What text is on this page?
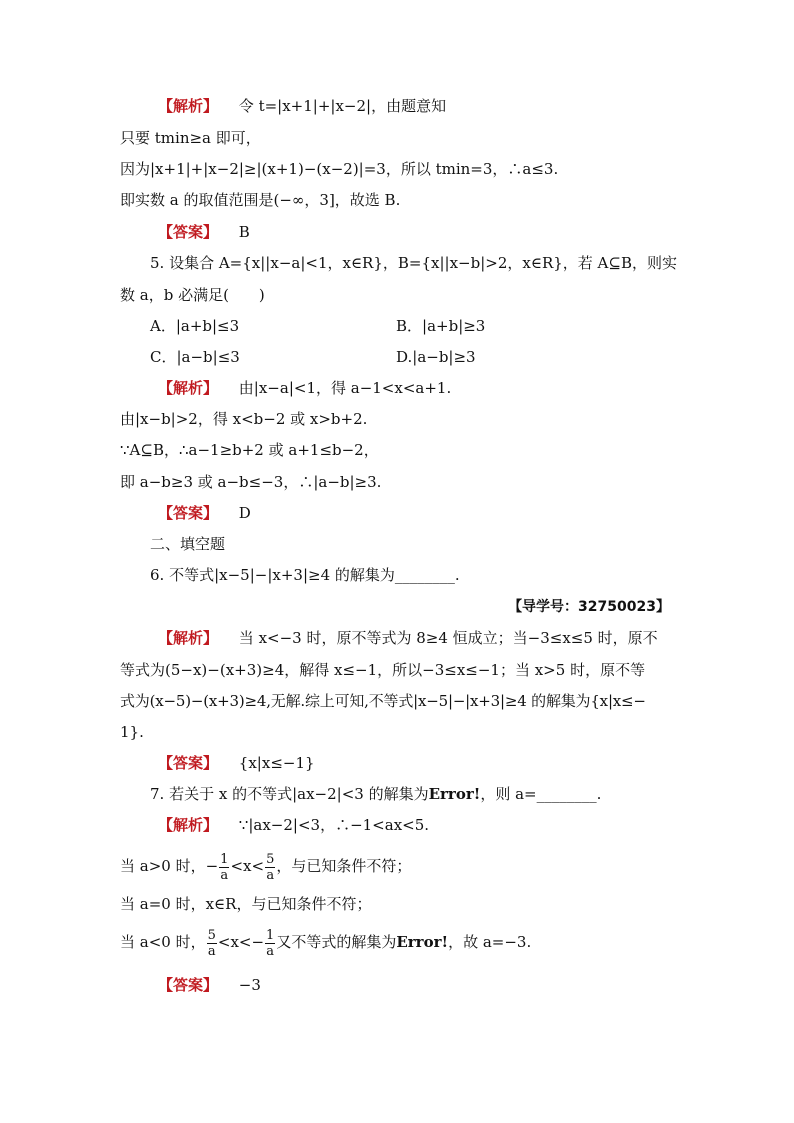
【解析】 令 t=|x+1|+|x−2|，由题意知
只要 tmin≥a 即可，
因为|x+1|+|x−2|≥|(x+1)−(x−2)|=3，所以 tmin=3，∴a≤3.
即实数 a 的取值范围是(−∞，3]，故选 B.
【答案】 B
5. 设集合 A={x||x−a|<1，x∈R}，B={x||x−b|>2，x∈R}，若 A⊆B，则实
数 a，b 必满足(　　)
A．|a+b|≤3	B．|a+b|≥3
C．|a−b|≤3	D.|a−b|≥3
【解析】 由|x−a|<1，得 a−1<x<a+1.
由|x−b|>2，得 x<b−2 或 x>b+2.
∵A⊆B，∴a−1≥b+2 或 a+1≤b−2，
即 a−b≥3 或 a−b≤−3，∴|a−b|≥3.
【答案】 D
二、填空题
6. 不等式|x−5|−|x+3|≥4 的解集为________.
【导学号：32750023】
【解析】 当 x<−3 时，原不等式为 8≥4 恒成立；当−3≤x≤5 时，原不
等式为(5−x)−(x+3)≥4，解得 x≤−1，所以−3≤x≤−1；当 x>5 时，原不等
式为(x−5)−(x+3)≥4,无解.综上可知,不等式|x−5|−|x+3|≥4 的解集为{x|x≤−
1}.
【答案】 {x|x≤−1}
7. 若关于 x 的不等式|ax−2|<3 的解集为Error!，则 a=________.
【解析】 ∵|ax−2|<3，∴−1<ax<5.
当 a>0 时，− $\frac{1}{a} <x< \frac{5}{a}$ ，与已知条件不符；
当 a=0 时，x∈R，与已知条件不符；
当 a<0 时， $\frac{5}{a} <x<- \frac{1}{a}$ 又不等式的解集为Error!，故 a=−3.
【答案】 −3
